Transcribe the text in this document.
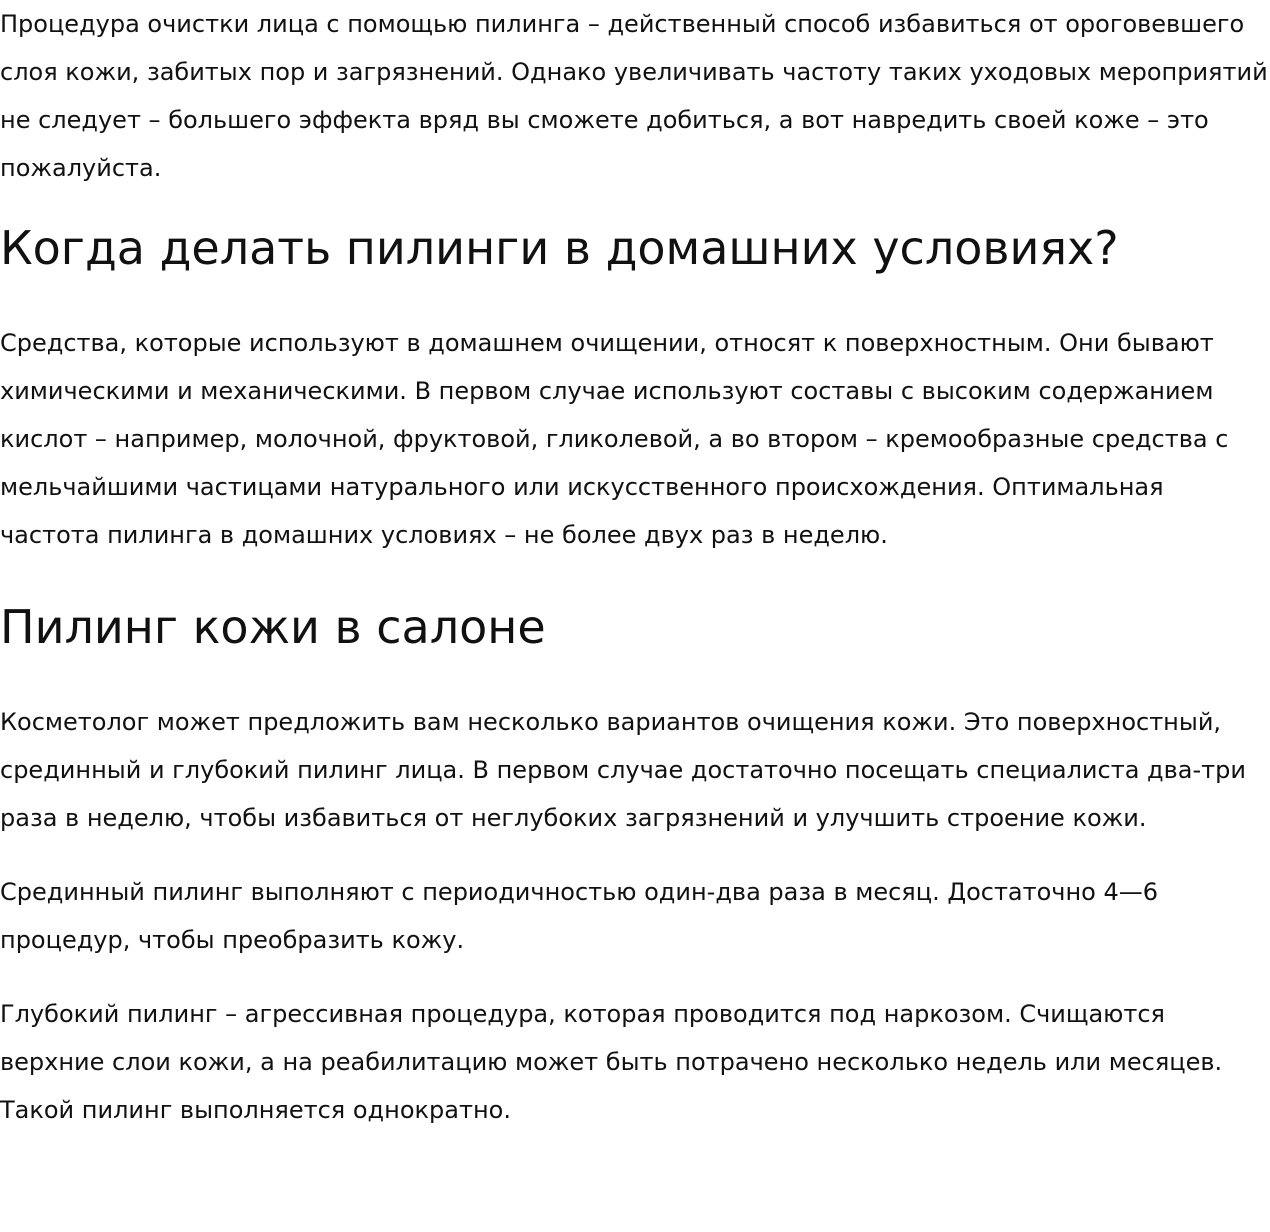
Процедура очистки лица с помощью пилинга – действенный способ избавиться от ороговевшего слоя кожи, забитых пор и загрязнений. Однако увеличивать частоту таких уходовых мероприятий не следует – большего эффекта вряд вы сможете добиться, а вот навредить своей коже – это пожалуйста.

Когда делать пилинги в домашних условиях?

Средства, которые используют в домашнем очищении, относят к поверхностным. Они бывают химическими и механическими. В первом случае используют составы с высоким содержанием кислот – например, молочной, фруктовой, гликолевой, а во втором – кремообразные средства с мельчайшими частицами натурального или искусственного происхождения. Оптимальная частота пилинга в домашних условиях – не более двух раз в неделю.

Пилинг кожи в салоне

Косметолог может предложить вам несколько вариантов очищения кожи. Это поверхностный, срединный и глубокий пилинг лица. В первом случае достаточно посещать специалиста два-три раза в неделю, чтобы избавиться от неглубоких загрязнений и улучшить строение кожи.

Срединный пилинг выполняют с периодичностью один-два раза в месяц. Достаточно 4—6 процедур, чтобы преобразить кожу.

Глубокий пилинг – агрессивная процедура, которая проводится под наркозом. Счищаются верхние слои кожи, а на реабилитацию может быть потрачено несколько недель или месяцев. Такой пилинг выполняется однократно.
